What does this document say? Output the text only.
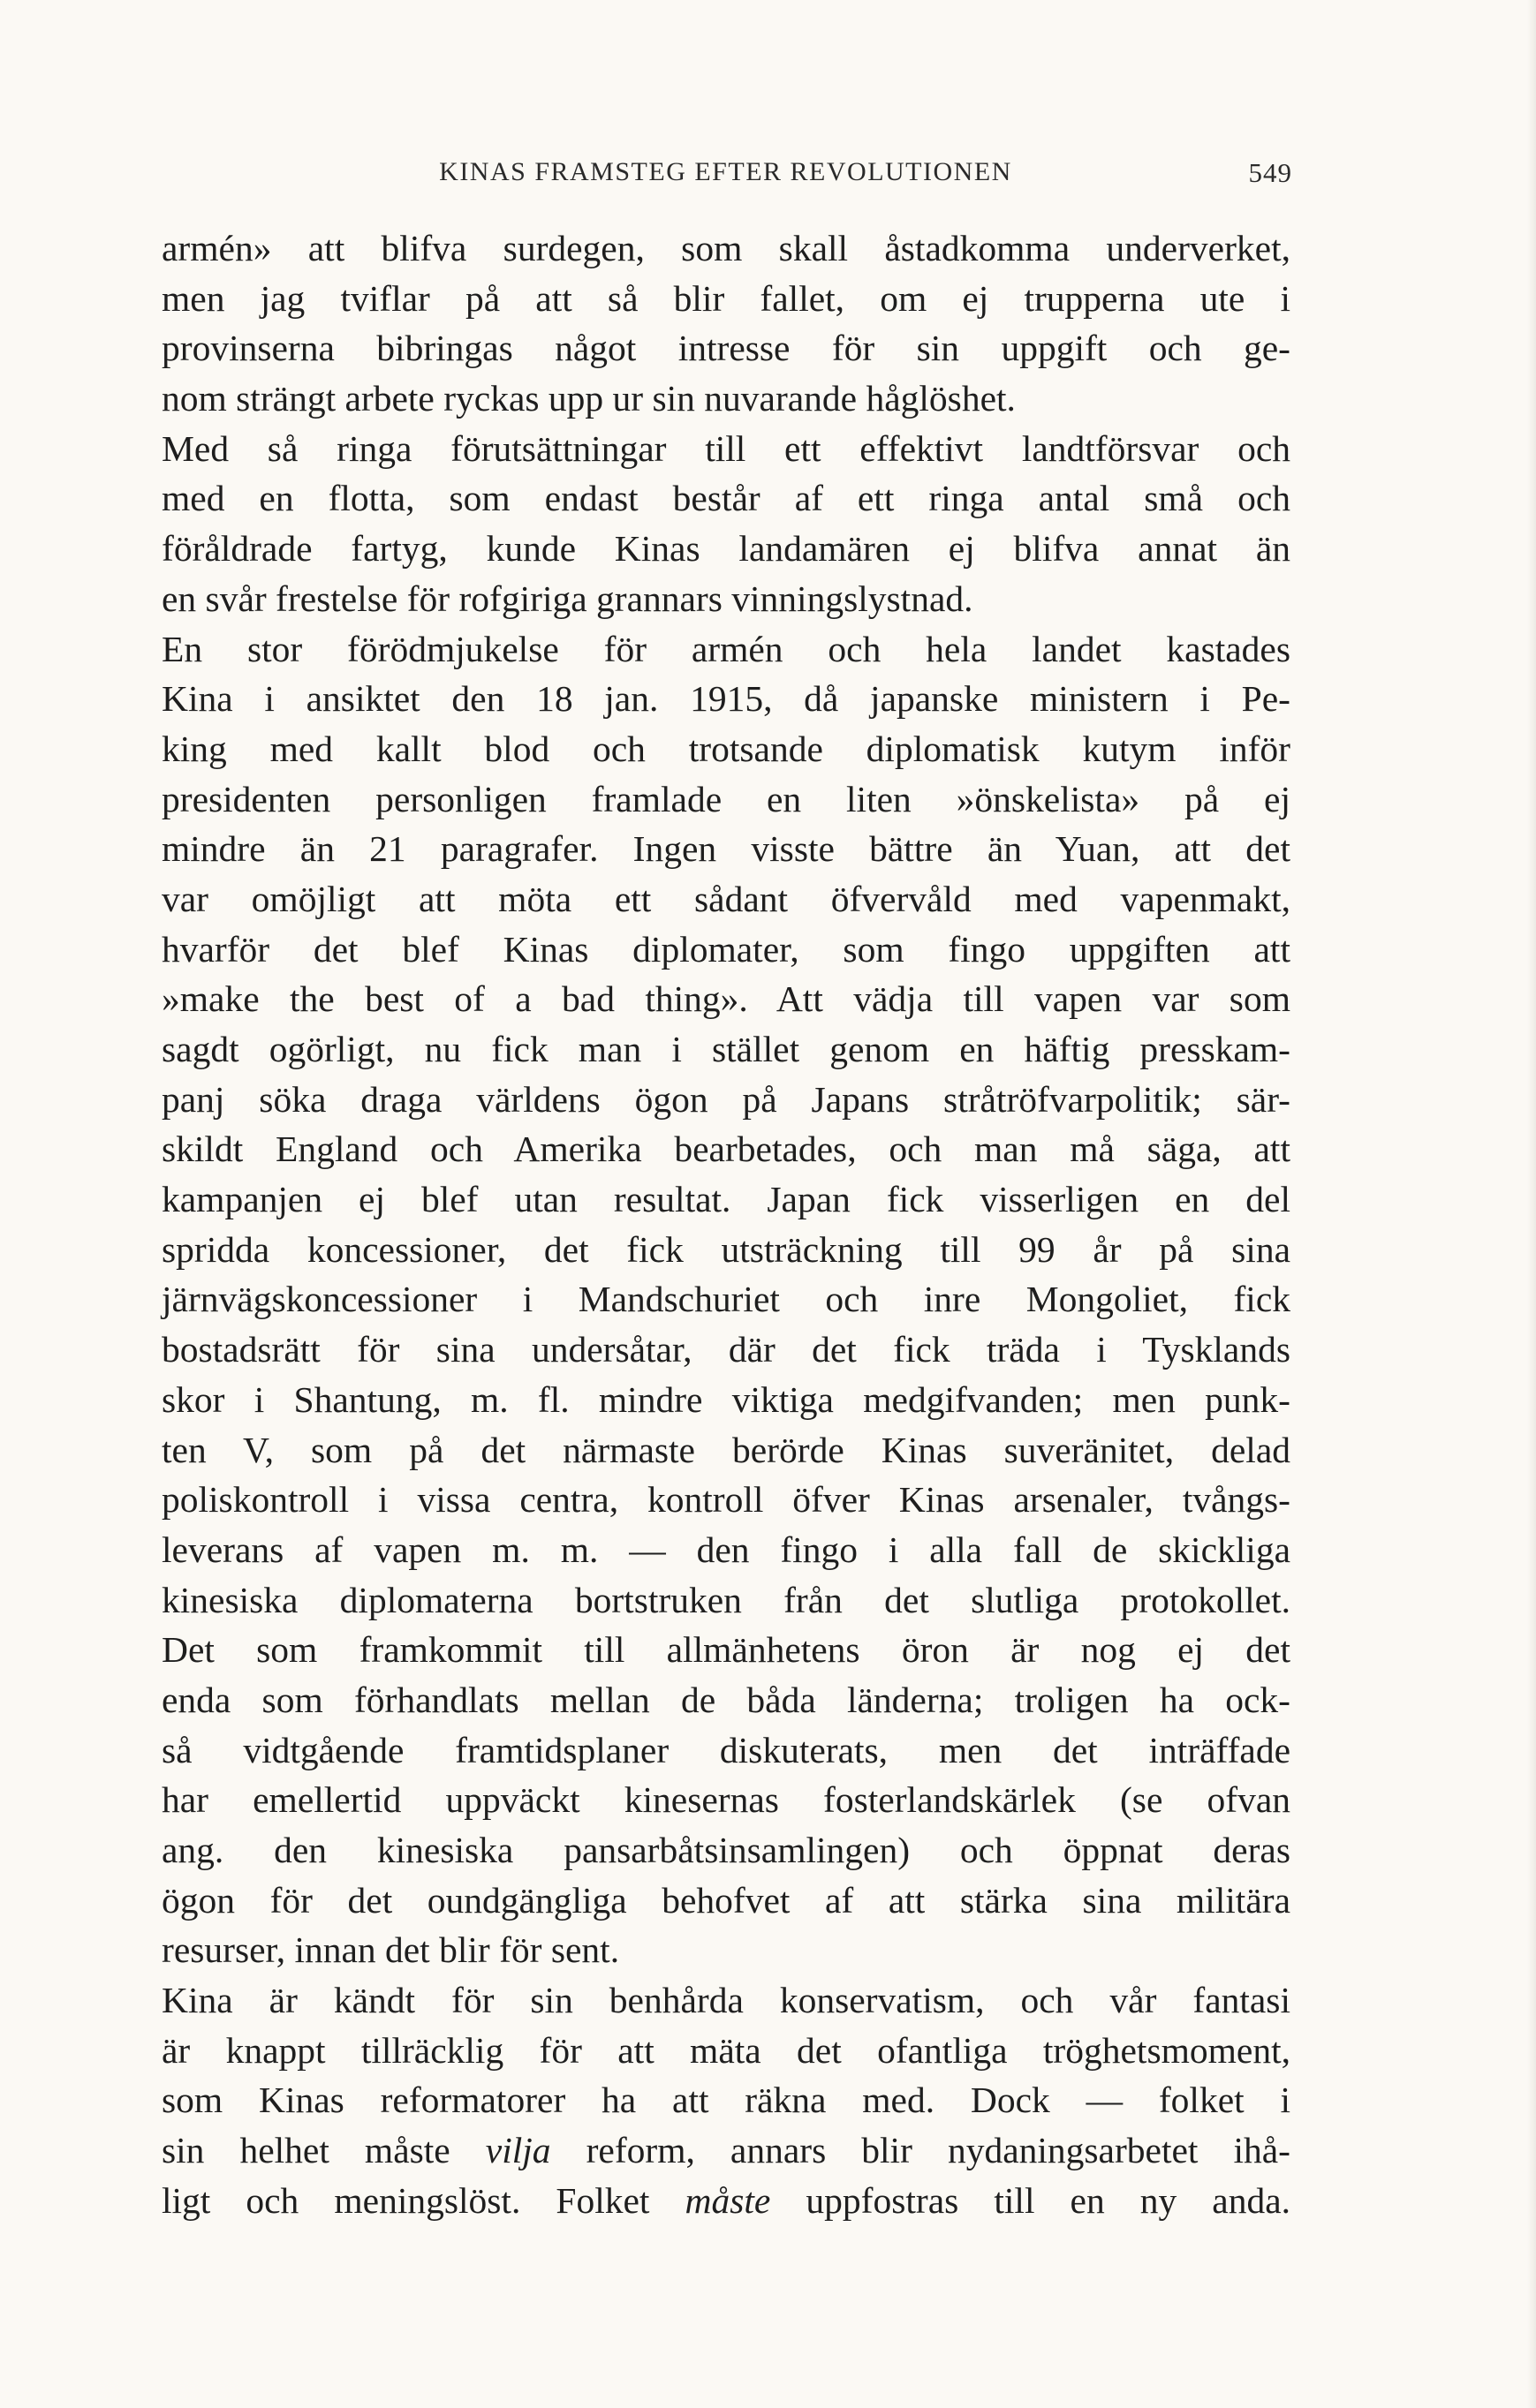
KINAS FRAMSTEG EFTER REVOLUTIONEN	549
armén» att blifva surdegen, som skall åstadkomma underverket,
men jag tviflar på att så blir fallet, om ej trupperna ute i
provinserna bibringas något intresse för sin uppgift och ge-
nom strängt arbete ryckas upp ur sin nuvarande håglöshet.
Med så ringa förutsättningar till ett effektivt landtförsvar och
med en flotta, som endast består af ett ringa antal små och
föråldrade fartyg, kunde Kinas landamären ej blifva annat än
en svår frestelse för rofgiriga grannars vinningslystnad.
En stor förödmjukelse för armén och hela landet kastades
Kina i ansiktet den 18 jan. 1915, då japanske ministern i Pe-
king med kallt blod och trotsande diplomatisk kutym inför
presidenten personligen framlade en liten »önskelista» på ej
mindre än 21 paragrafer. Ingen visste bättre än Yuan, att det
var omöjligt att möta ett sådant öfvervåld med vapenmakt,
hvarför det blef Kinas diplomater, som fingo uppgiften att
»make the best of a bad thing». Att vädja till vapen var som
sagdt ogörligt, nu fick man i stället genom en häftig presskam-
panj söka draga världens ögon på Japans stråtröfvarpolitik; sär-
skildt England och Amerika bearbetades, och man må säga, att
kampanjen ej blef utan resultat. Japan fick visserligen en del
spridda koncessioner, det fick utsträckning till 99 år på sina
järnvägskoncessioner i Mandschuriet och inre Mongoliet, fick
bostadsrätt för sina undersåtar, där det fick träda i Tysklands
skor i Shantung, m. fl. mindre viktiga medgifvanden; men punk-
ten V, som på det närmaste berörde Kinas suveränitet, delad
poliskontroll i vissa centra, kontroll öfver Kinas arsenaler, tvångs-
leverans af vapen m. m. — den fingo i alla fall de skickliga
kinesiska diplomaterna bortstruken från det slutliga protokollet.
Det som framkommit till allmänhetens öron är nog ej det
enda som förhandlats mellan de båda länderna; troligen ha ock-
så vidtgående framtidsplaner diskuterats, men det inträffade
har emellertid uppväckt kinesernas fosterlandskärlek (se ofvan
ang. den kinesiska pansarbåtsinsamlingen) och öppnat deras
ögon för det oundgängliga behofvet af att stärka sina militära
resurser, innan det blir för sent.
Kina är kändt för sin benhårda konservatism, och vår fantasi
är knappt tillräcklig för att mäta det ofantliga tröghetsmoment,
som Kinas reformatorer ha att räkna med. Dock — folket i
sin helhet måste vilja reform, annars blir nydaningsarbetet ihå-
ligt och meningslöst. Folket måste uppfostras till en ny anda.
